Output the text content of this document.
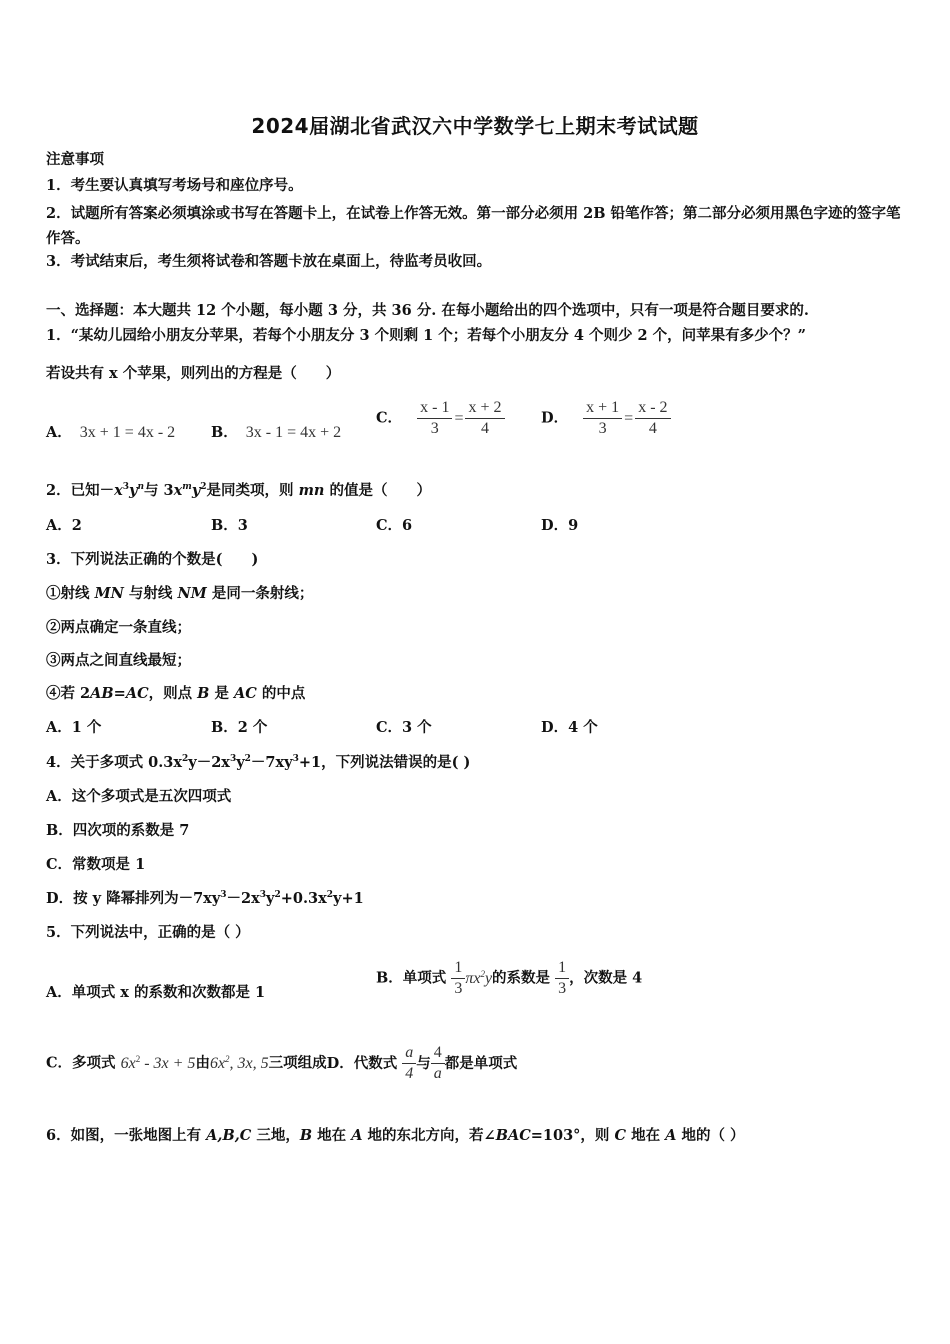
2024届湖北省武汉六中学数学七上期末考试试题
注意事项
1．考生要认真填写考场号和座位序号。
2．试题所有答案必须填涂或书写在答题卡上，在试卷上作答无效。第一部分必须用 2B 铅笔作答；第二部分必须用黑色字迹的签字笔作答。
3．考试结束后，考生须将试卷和答题卡放在桌面上，待监考员收回。
一、选择题：本大题共 12 个小题，每小题 3 分，共 36 分. 在每小题给出的四个选项中，只有一项是符合题目要求的.
1．“某幼儿园给小朋友分苹果，若每个小朋友分 3 个则剩 1 个；若每个小朋友分 4 个则少 2 个，问苹果有多少个？”
若设共有 x 个苹果，则列出的方程是（　　）
A． 3x + 1 = 4x - 2 B． 3x - 1 = 4x + 2
C． $\frac{x - 1}{3} = \frac{x + 2}{4}$	D． $\frac{x + 1}{3} = \frac{x - 2}{4}$
2．已知$-x^3y^n$与 $3x^my^2$是同类项，则 mn 的值是（　　）
A．2	B．3	C．6	D．9
3．下列说法正确的个数是(　　)
①射线 MN 与射线 NM 是同一条射线；
②两点确定一条直线；
③两点之间直线最短；
④若 2AB=AC，则点 B 是 AC 的中点
A．1 个	B．2 个	C．3 个	D．4 个
4．关于多项式 $0.3x^2y-2x^3y^2-7xy^3+1$，下列说法错误的是( )
A．这个多项式是五次四项式
B．四次项的系数是 7
C．常数项是 1
D．按 y 降幂排列为$-7xy^3-2x^3y^2+0.3x^2y+1$
5．下列说法中，正确的是（ ）
A．单项式 x 的系数和次数都是 1
B．单项式 $\frac{1}{3} \pi x^2y$的系数是 $\frac{1}{3}$ ，次数是 4
C．多项式 $6x^2 - 3x + 5$由$6x^2$, 3x, 5三项组成D．代数式 $\frac{a}{4}$ 与 $\frac{4}{a}$ 都是单项式
6．如图，一张地图上有 A,B,C 三地，B 地在 A 地的东北方向，若∠BAC=103°，则 C 地在 A 地的（ ）
